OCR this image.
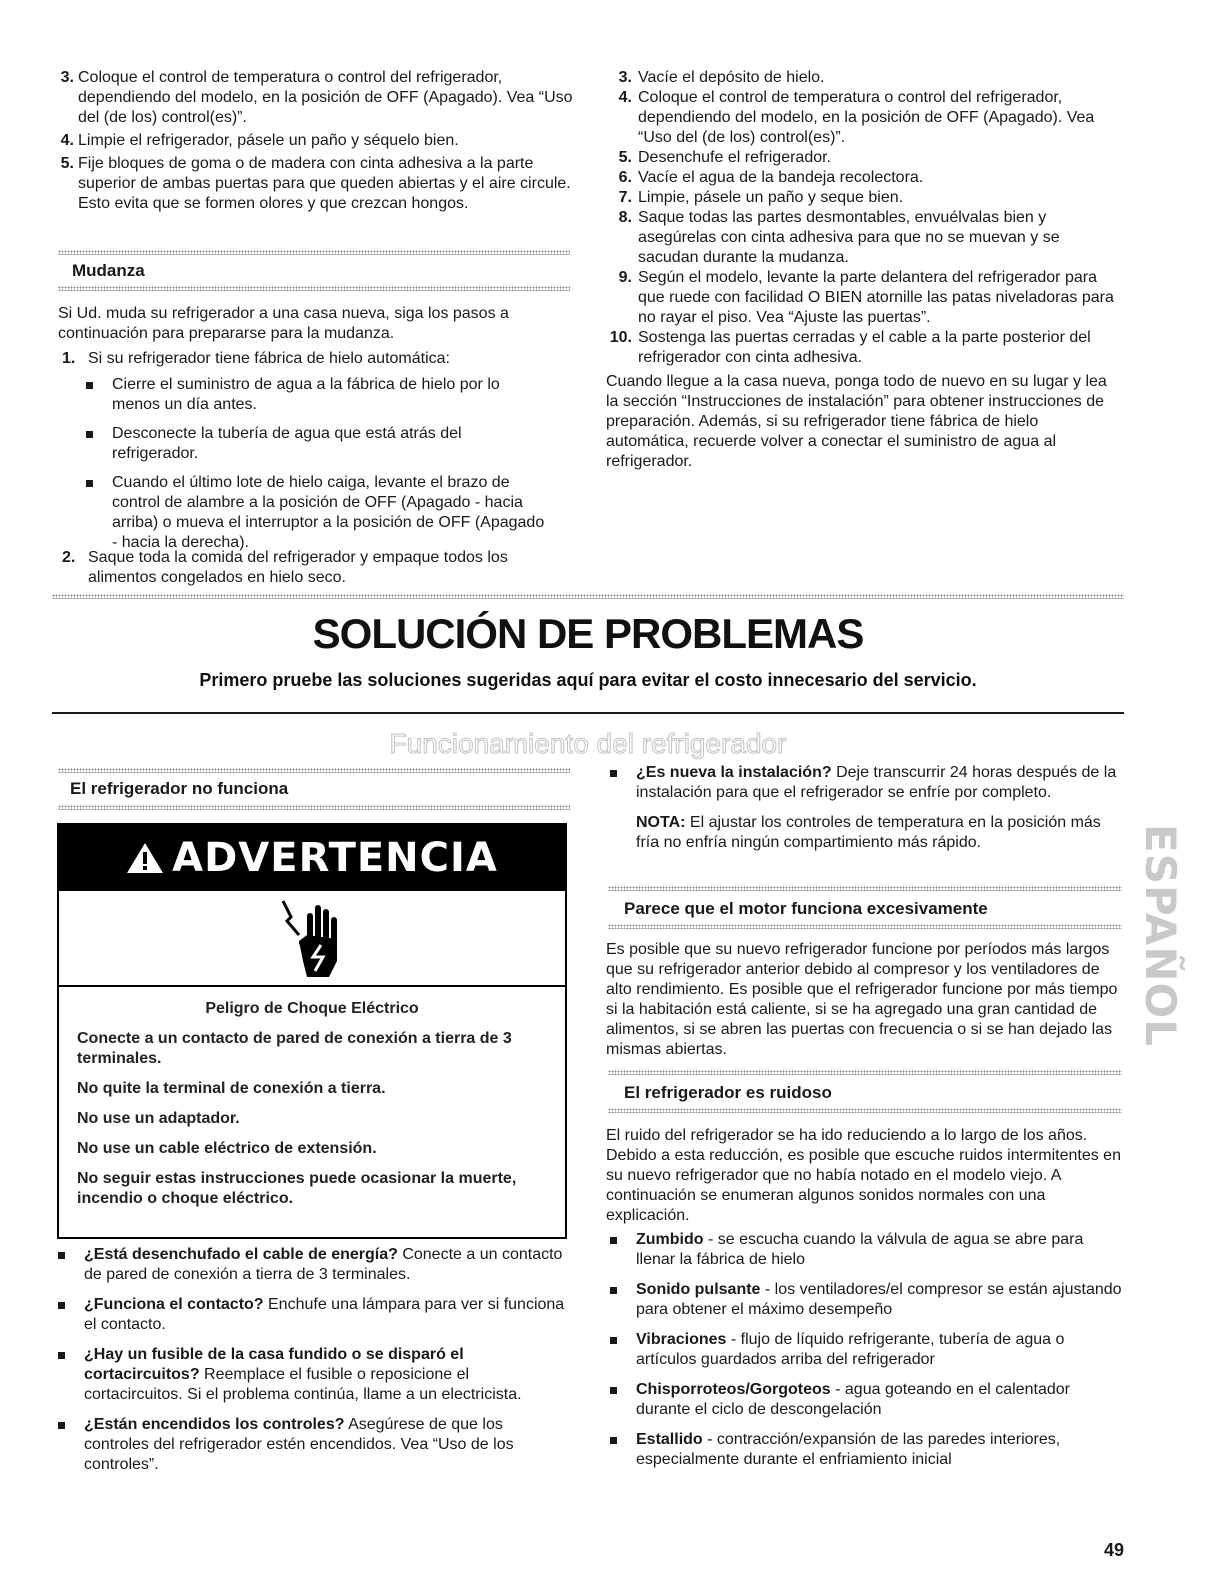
3. Coloque el control de temperatura o control del refrigerador, dependiendo del modelo, en la posición de OFF (Apagado). Vea “Uso del (de los) control(es)”.
4. Limpie el refrigerador, pásele un paño y séquelo bien.
5. Fije bloques de goma o de madera con cinta adhesiva a la parte superior de ambas puertas para que queden abiertas y el aire circule. Esto evita que se formen olores y que crezcan hongos.
Mudanza
Si Ud. muda su refrigerador a una casa nueva, siga los pasos a continuación para prepararse para la mudanza.
1. Si su refrigerador tiene fábrica de hielo automática:
Cierre el suministro de agua a la fábrica de hielo por lo menos un día antes.
Desconecte la tubería de agua que está atrás del refrigerador.
Cuando el último lote de hielo caiga, levante el brazo de control de alambre a la posición de OFF (Apagado - hacia arriba) o mueva el interruptor a la posición de OFF (Apagado - hacia la derecha).
2. Saque toda la comida del refrigerador y empaque todos los alimentos congelados en hielo seco.
3. Vacíe el depósito de hielo.
4. Coloque el control de temperatura o control del refrigerador, dependiendo del modelo, en la posición de OFF (Apagado). Vea “Uso del (de los) control(es)”.
5. Desenchufe el refrigerador.
6. Vacíe el agua de la bandeja recolectora.
7. Limpie, pásele un paño y seque bien.
8. Saque todas las partes desmontables, envuélvalas bien y asegúrelas con cinta adhesiva para que no se muevan y se sacudan durante la mudanza.
9. Según el modelo, levante la parte delantera del refrigerador para que ruede con facilidad O BIEN atornille las patas niveladoras para no rayar el piso. Vea “Ajuste las puertas”.
10. Sostenga las puertas cerradas y el cable a la parte posterior del refrigerador con cinta adhesiva.
Cuando llegue a la casa nueva, ponga todo de nuevo en su lugar y lea la sección “Instrucciones de instalación” para obtener instrucciones de preparación. Además, si su refrigerador tiene fábrica de hielo automática, recuerde volver a conectar el suministro de agua al refrigerador.
SOLUCIÓN DE PROBLEMAS
Primero pruebe las soluciones sugeridas aquí para evitar el costo innecesario del servicio.
Funcionamiento del refrigerador
El refrigerador no funciona
ADVERTENCIA
Peligro de Choque Eléctrico
Conecte a un contacto de pared de conexión a tierra de 3 terminales.
No quite la terminal de conexión a tierra.
No use un adaptador.
No use un cable eléctrico de extensión.
No seguir estas instrucciones puede ocasionar la muerte, incendio o choque eléctrico.
¿Está desenchufado el cable de energía? Conecte a un contacto de pared de conexión a tierra de 3 terminales.
¿Funciona el contacto? Enchufe una lámpara para ver si funciona el contacto.
¿Hay un fusible de la casa fundido o se disparó el cortacircuitos? Reemplace el fusible o reposicione el cortacircuitos. Si el problema continúa, llame a un electricista.
¿Están encendidos los controles? Asegúrese de que los controles del refrigerador estén encendidos. Vea “Uso de los controles”.
¿Es nueva la instalación? Deje transcurrir 24 horas después de la instalación para que el refrigerador se enfríe por completo.
NOTA: El ajustar los controles de temperatura en la posición más fría no enfría ningún compartimiento más rápido.
Parece que el motor funciona excesivamente
Es posible que su nuevo refrigerador funcione por períodos más largos que su refrigerador anterior debido al compresor y los ventiladores de alto rendimiento. Es posible que el refrigerador funcione por más tiempo si la habitación está caliente, si se ha agregado una gran cantidad de alimentos, si se abren las puertas con frecuencia o si se han dejado las mismas abiertas.
El refrigerador es ruidoso
El ruido del refrigerador se ha ido reduciendo a lo largo de los años. Debido a esta reducción, es posible que escuche ruidos intermitentes en su nuevo refrigerador que no había notado en el modelo viejo. A continuación se enumeran algunos sonidos normales con una explicación.
Zumbido - se escucha cuando la válvula de agua se abre para llenar la fábrica de hielo
Sonido pulsante - los ventiladores/el compresor se están ajustando para obtener el máximo desempeño
Vibraciones - flujo de líquido refrigerante, tubería de agua o artículos guardados arriba del refrigerador
Chisporroteos/Gorgoteos - agua goteando en el calentador durante el ciclo de descongelación
Estallido - contracción/expansión de las paredes interiores, especialmente durante el enfriamiento inicial
ESPAÑOL
49
